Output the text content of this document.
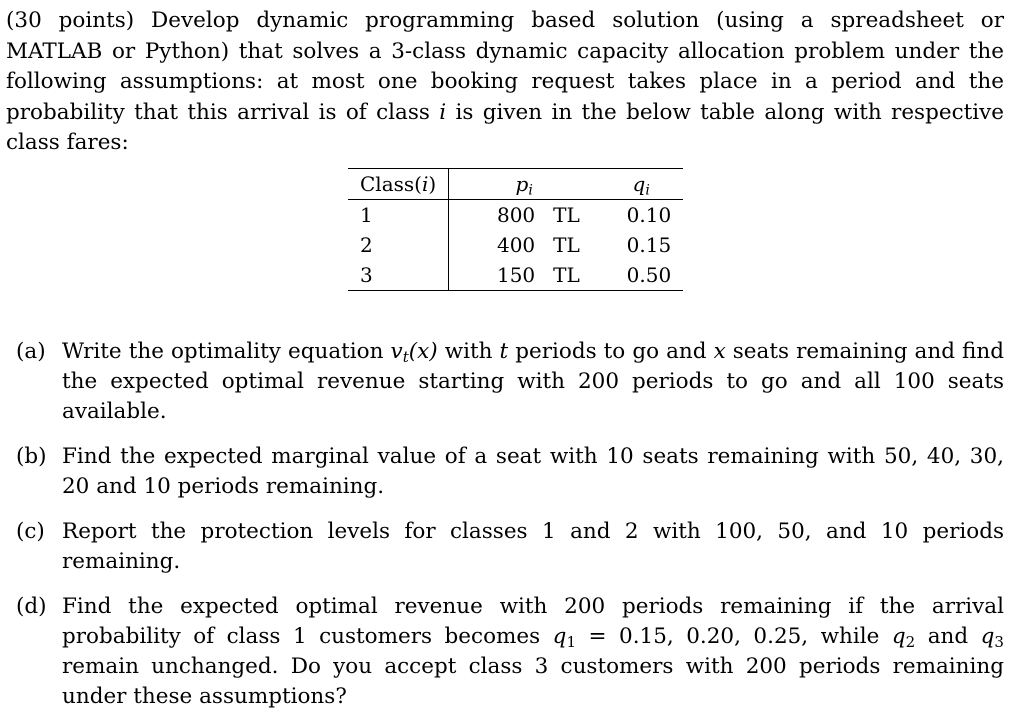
(30 points) Develop dynamic programming based solution (using a spreadsheet or MATLAB or Python) that solves a 3-class dynamic capacity allocation problem under the following assumptions: at most one booking request takes place in a period and the probability that this arrival is of class i is given in the below table along with respective class fares:
Class(i)	$p_i$		$q_i$
1	800	TL	0.10
2	400	TL	0.15
3	150	TL	0.50
(a) Write the optimality equation $v_t(x)$ with t periods to go and x seats remaining and find the expected optimal revenue starting with 200 periods to go and all 100 seats available.
(b) Find the expected marginal value of a seat with 10 seats remaining with 50, 40, 30, 20 and 10 periods remaining.
(c) Report the protection levels for classes 1 and 2 with 100, 50, and 10 periods remaining.
(d) Find the expected optimal revenue with 200 periods remaining if the arrival probability of class 1 customers becomes $q_1 = 0.15$, 0.20, 0.25, while $q_2$ and $q_3$ remain unchanged. Do you accept class 3 customers with 200 periods remaining under these assumptions?
